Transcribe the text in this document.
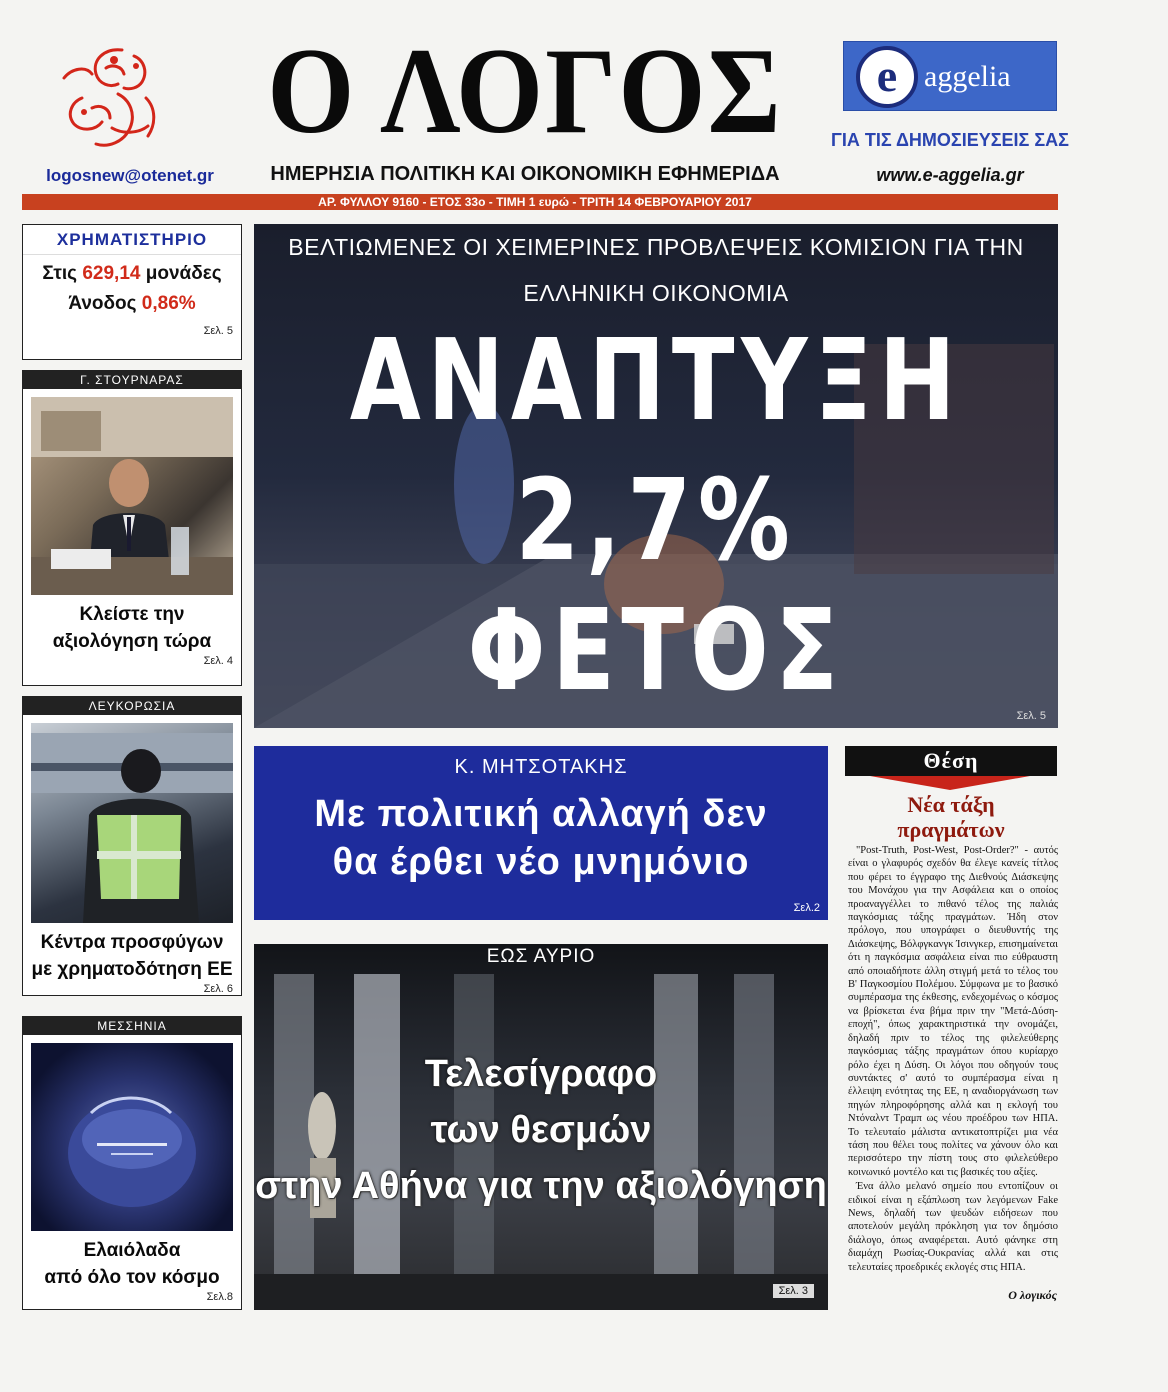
logosnew@otenet.gr
Ο ΛΟΓΟΣ
ΗΜΕΡΗΣΙΑ ΠΟΛΙΤΙΚΗ ΚΑΙ ΟΙΚΟΝΟΜΙΚΗ ΕΦΗΜΕΡΙΔΑ
e aggelia
ΓΙΑ ΤΙΣ ΔΗΜΟΣΙΕΥΣΕΙΣ ΣΑΣ
www.e-aggelia.gr
ΑΡ. ΦΥΛΛΟΥ 9160 - ΕΤΟΣ 33ο - ΤΙΜΗ 1 ευρώ - ΤΡΙΤΗ 14 ΦΕΒΡΟΥΑΡΙΟΥ 2017
ΧΡΗΜΑΤΙΣΤΗΡΙΟ
Στις 629,14 μονάδες
Άνοδος 0,86%
Σελ. 5
Γ. ΣΤΟΥΡΝΑΡΑΣ
Κλείστε την
αξιολόγηση τώρα
Σελ. 4
ΛΕΥΚΟΡΩΣΙΑ
Κέντρα προσφύγων
με χρηματοδότηση ΕΕ
Σελ. 6
ΜΕΣΣΗΝΙΑ
Ελαιόλαδα
από όλο τον κόσμο
Σελ.8
ΒΕΛΤΙΩΜΕΝΕΣ ΟΙ ΧΕΙΜΕΡΙΝΕΣ ΠΡΟΒΛΕΨΕΙΣ ΚΟΜΙΣΙΟΝ ΓΙΑ ΤΗΝ ΕΛΛΗΝΙΚΗ ΟΙΚΟΝΟΜΙΑ
ΑΝΑΠΤΥΞΗ
2,7% ΦΕΤΟΣ	Σελ. 5
Κ. ΜΗΤΣΟΤΑΚΗΣ
Με πολιτική αλλαγή δεν
θα έρθει νέο μνημόνιο
Σελ.2
ΕΩΣ ΑΥΡΙΟ
Τελεσίγραφο
των θεσμών
στην Αθήνα για την αξιολόγηση
Σελ. 3
Θέση
Νέα τάξη
πραγμάτων

"Post-Truth, Post-West, Post-Order?" - αυτός είναι ο γλαφυρός σχεδόν θα έλεγε κανείς τίτλος που φέρει το έγγραφο της Διεθνούς Διάσκεψης του Μονάχου για την Ασφάλεια και ο οποίος προαναγγέλλει το πιθανό τέλος της παλιάς παγκόσμιας τάξης πραγμάτων. Ήδη στον πρόλογο, που υπογράφει ο διευθυντής της Διάσκεψης, Βόλφγκανγκ Ίσινγκερ, επισημαίνεται ότι η παγκόσμια ασφάλεια είναι πιο εύθραυστη από οποιαδήποτε άλλη στιγμή μετά το τέλος του Β' Παγκοσμίου Πολέμου. Σύμφωνα με το βασικό συμπέρασμα της έκθεσης, ενδεχομένως ο κόσμος να βρίσκεται ένα βήμα πριν την "Μετά-Δύση-εποχή", όπως χαρακτηριστικά την ονομάζει, δηλαδή πριν το τέλος της φιλελεύθερης παγκόσμιας τάξης πραγμάτων όπου κυρίαρχο ρόλο έχει η Δύση. Οι λόγοι που οδηγούν τους συντάκτες σ' αυτό το συμπέρασμα είναι η έλλειψη ενότητας της ΕΕ, η αναδιοργάνωση των πηγών πληροφόρησης αλλά και η εκλογή του Ντόναλντ Τραμπ ως νέου προέδρου των ΗΠΑ. Το τελευταίο μάλιστα αντικατοπτρίζει μια νέα τάση που θέλει τους πολίτες να χάνουν όλο και περισσότερο την πίστη τους στο φιλελεύθερο κοινωνικό μοντέλο και τις βασικές του αξίες.

Ένα άλλο μελανό σημείο που εντοπίζουν οι ειδικοί είναι η εξάπλωση των λεγόμενων Fake News, δηλαδή των ψευδών ειδήσεων που αποτελούν μεγάλη πρόκληση για τον δημόσιο διάλογο, όπως αναφέρεται. Αυτό φάνηκε στη διαμάχη Ρωσίας-Ουκρανίας αλλά και στις τελευταίες προεδρικές εκλογές στις ΗΠΑ.

Ο λογικός
